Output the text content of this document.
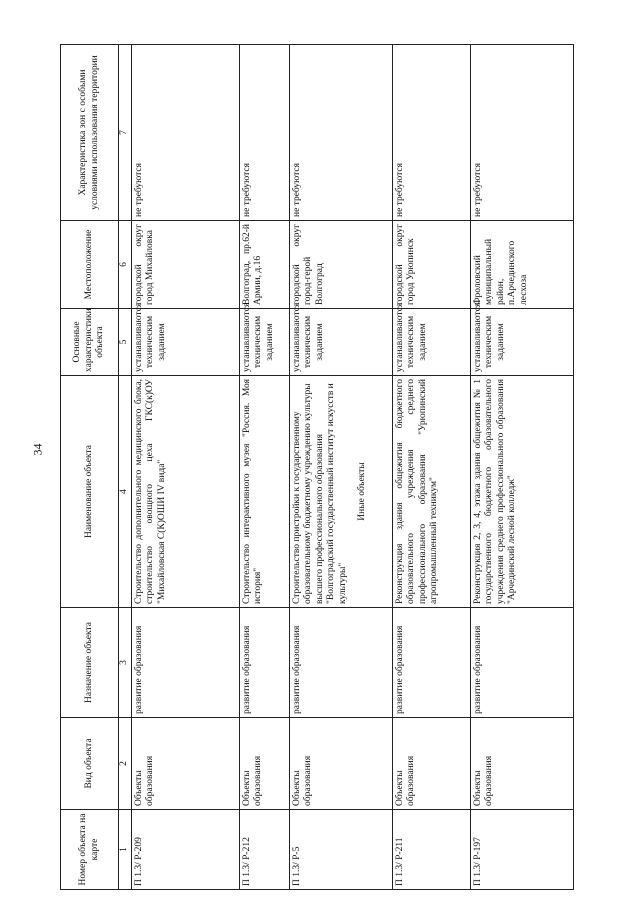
34
Номер объекта на карте	Вид объекта	Назначение объекта	Наименование объекта	Основные характеристики объекта	Местоположение	Характеристика зон с особыми условиями использования территории
1	2	3	4	5	6	7
П 1.3/ Р-209	Объекты образования	развитие образования	Строительство дополнительного медицинского блока, строительство овощного цеха ГКС(к)ОУ "Михайловская С(К)ОШИ IV вида"	устанавливаются техническим заданием	городской округ город Михайловка	не требуются
П 1.3/ Р-212	Объекты образования	развитие образования	Строительство интерактивного музея "Россия. Моя история"	устанавливаются техническим заданием	Волгоград, пр.62-й Армии, д.16	не требуются
П 1.3/ Р-5	Объекты образования	развитие образования	Строительство пристройки к государственному образовательному бюджетному учреждению культуры высшего профессионального образования "Волгоградский государственный институт искусств и культуры"
Иные объекты	устанавливаются техническим заданием	городской округ город-герой Волгоград	не требуются
П 1.3/ Р-211	Объекты образования	развитие образования	Реконструкция здания общежития бюджетного образовательного учреждения среднего профессионального образования "Урюпинский агропромышленный техникум"	устанавливаются техническим заданием	городской округ город Урюпинск	не требуются
П 1.3/ Р-197	Объекты образования	развитие образования	Реконструкция 2, 3, 4, этажа здания общежития № 1 государственного бюджетного образовательного учреждения среднего профессионального образования "Арчединский лесной колледж"	устанавливаются техническим заданием	Фроловский муниципальный район, п.Арчединского лесхоза	не требуются
